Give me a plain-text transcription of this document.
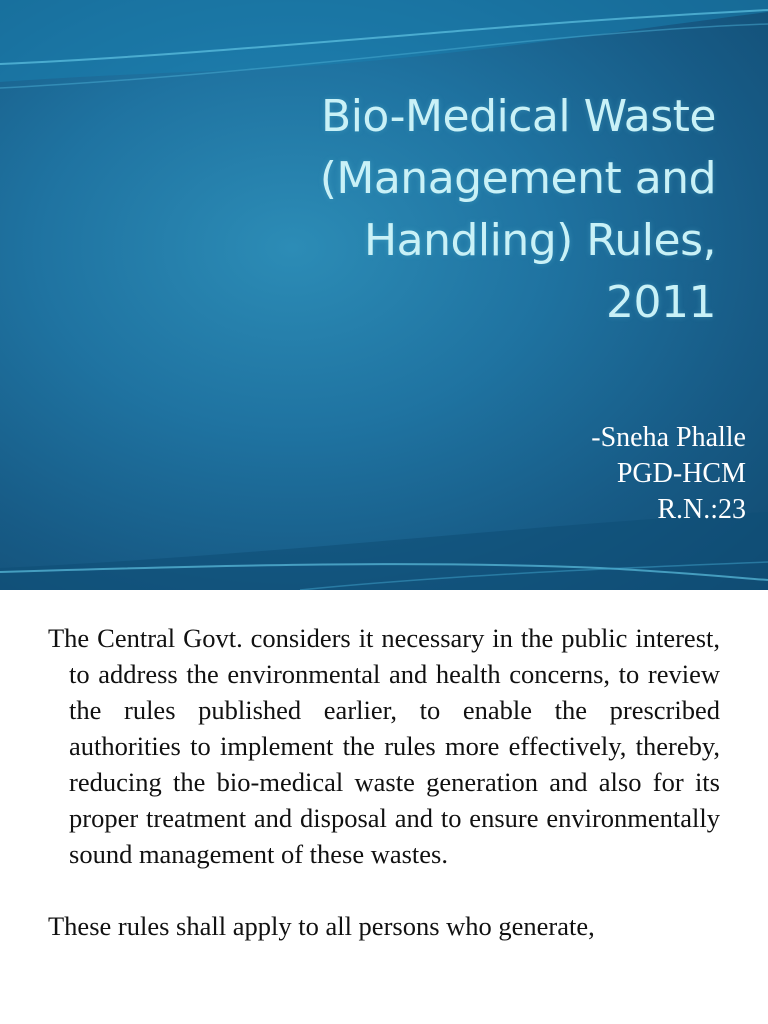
Bio-Medical Waste
(Management and
Handling) Rules,
2011
-Sneha Phalle
PGD-HCM
R.N.:23

The Central Govt. considers it necessary in the public interest, to address the environmental and health concerns, to review the rules published earlier, to enable the prescribed authorities to implement the rules more effectively, thereby, reducing the bio-medical waste generation and also for its proper treatment and disposal and to ensure environmentally sound management of these wastes.

These rules shall apply to all persons who generate,
